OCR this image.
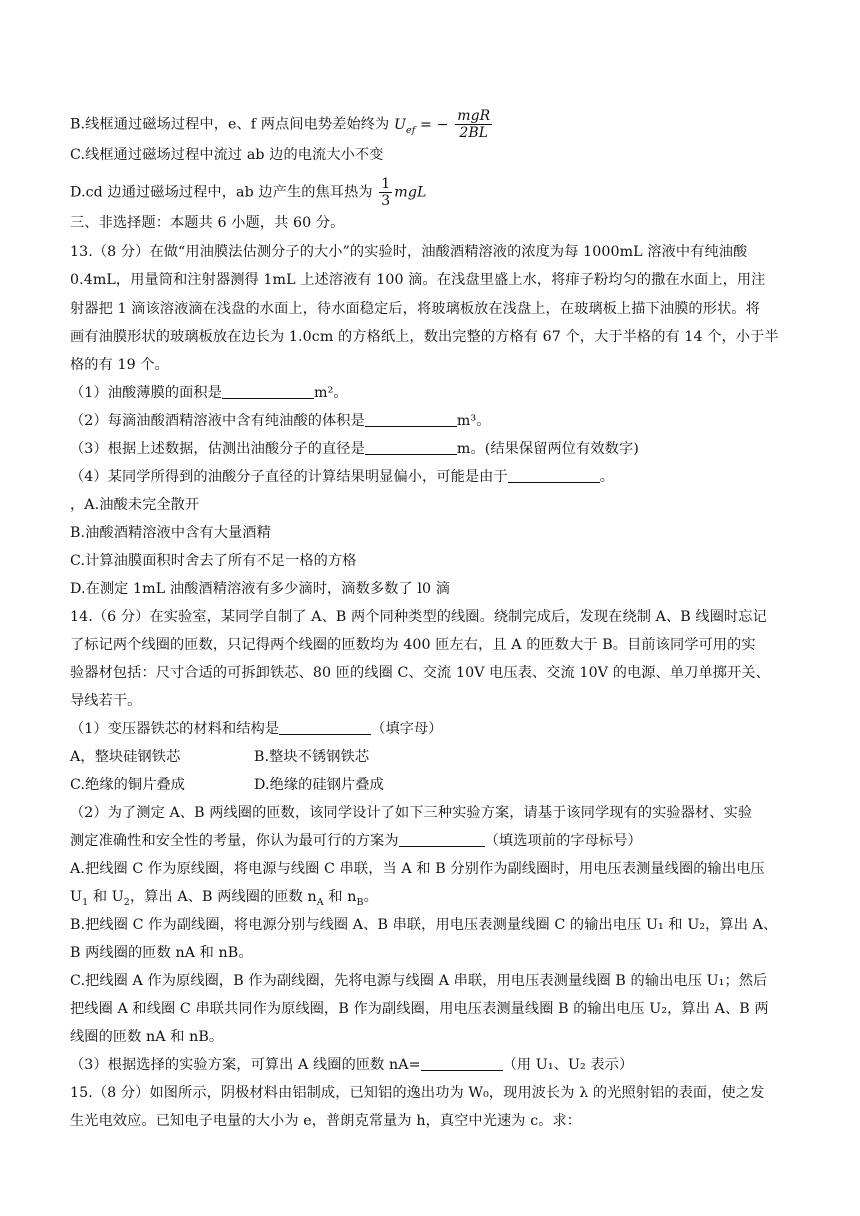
B.线框通过磁场过程中，e、f 两点间电势差始终为 $U_{ef}$ = − $\frac{\text{mgR}}{2BL}$
C.线框通过磁场过程中流过 ab 边的电流大小不变
D.cd 边通过磁场过程中，ab 边产生的焦耳热为 $\frac{1}{3}$ mgL
三、非选择题：本题共 6 小题，共 60 分。
13.（8 分）在做“用油膜法估测分子的大小”的实验时，油酸酒精溶液的浓度为每 1000mL 溶液中有纯油酸
0.4mL，用量筒和注射器测得 1mL 上述溶液有 100 滴。在浅盘里盛上水，将痱子粉均匀的撒在水面上，用注
射器把 1 滴该溶液滴在浅盘的水面上，待水面稳定后，将玻璃板放在浅盘上，在玻璃板上描下油膜的形状。将
画有油膜形状的玻璃板放在边长为 1.0cm 的方格纸上，数出完整的方格有 67 个，大于半格的有 14 个，小于半
格的有 19 个。
（1）油酸薄膜的面积是	m²。
（2）每滴油酸酒精溶液中含有纯油酸的体积是	m³。
（3）根据上述数据，估测出油酸分子的直径是	m。(结果保留两位有效数字)
（4）某同学所得到的油酸分子直径的计算结果明显偏小，可能是由于	。
，A.油酸未完全散开
B.油酸酒精溶液中含有大量酒精
C.计算油膜面积时舍去了所有不足一格的方格
D.在测定 1mL 油酸酒精溶液有多少滴时，滴数多数了 l0 滴
14.（6 分）在实验室，某同学自制了 A、B 两个同种类型的线圈。绕制完成后，发现在绕制 A、B 线圈时忘记
了标记两个线圈的匝数，只记得两个线圈的匝数均为 400 匝左右，且 A 的匝数大于 B。目前该同学可用的实
验器材包括：尺寸合适的可拆卸铁芯、80 匝的线圈 C、交流 10V 电压表、交流 10V 的电源、单刀单掷开关、
导线若干。
（1）变压器铁芯的材料和结构是	（填字母）
A，整块硅钢铁芯	B.整块不锈钢铁芯
C.绝缘的铜片叠成	D.绝缘的硅钢片叠成
（2）为了测定 A、B 两线圈的匝数，该同学设计了如下三种实验方案，请基于该同学现有的实验器材、实验
测定准确性和安全性的考量，你认为最可行的方案为	（填选项前的字母标号）
A.把线圈 C 作为原线圈，将电源与线圈 C 串联，当 A 和 B 分别作为副线圈时，用电压表测量线圈的输出电压
$U_1$ 和 $U_2$，算出 A、B 两线圈的匝数 $n_A$ 和 $n_B$。
B.把线圈 C 作为副线圈，将电源分别与线圈 A、B 串联，用电压表测量线圈 C 的输出电压 U₁ 和 U₂，算出 A、
B 两线圈的匝数 nA 和 nB。
C.把线圈 A 作为原线圈，B 作为副线圈，先将电源与线圈 A 串联，用电压表测量线圈 B 的输出电压 U₁；然后
把线圈 A 和线圈 C 串联共同作为原线圈，B 作为副线圈，用电压表测量线圈 B 的输出电压 U₂，算出 A、B 两
线圈的匝数 nA 和 nB。
（3）根据选择的实验方案，可算出 A 线圈的匝数 nA=	（用 U₁、U₂ 表示）
15.（8 分）如图所示，阴极材料由铝制成，已知铝的逸出功为 W₀，现用波长为 λ 的光照射铝的表面，使之发
生光电效应。已知电子电量的大小为 e，普朗克常量为 h，真空中光速为 c。求：
